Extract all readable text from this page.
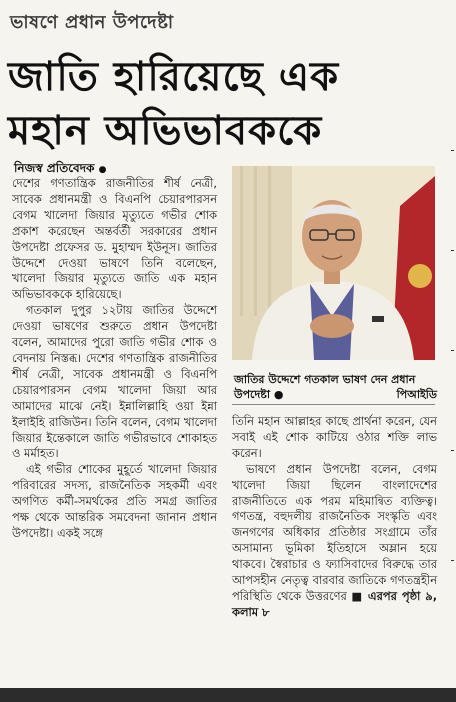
ভাষণে প্রধান উপদেষ্টা
জাতি হারিয়েছে এক
মহান অভিভাবককে
নিজস্ব প্রতিবেদক ●

দেশের গণতান্ত্রিক রাজনীতির শীর্ষ নেত্রী, সাবেক প্রধানমন্ত্রী ও বিএনপি চেয়ারপারসন বেগম খালেদা জিয়ার মৃত্যুতে গভীর শোক প্রকাশ করেছেন অন্তর্বর্তী সরকারের প্রধান উপদেষ্টা প্রফেসর ড. মুহাম্মদ ইউনূস। জাতির উদ্দেশে দেওয়া ভাষণে তিনি বলেছেন, খালেদা জিয়ার মৃত্যুতে জাতি এক মহান অভিভাবককে হারিয়েছে।

গতকাল দুপুর ১২টায় জাতির উদ্দেশে দেওয়া ভাষণের শুরুতে প্রধান উপদেষ্টা বলেন, আমাদের পুরো জাতি গভীর শোক ও বেদনায় নিস্তব্ধ। দেশের গণতান্ত্রিক রাজনীতির শীর্ষ নেত্রী, সাবেক প্রধানমন্ত্রী ও বিএনপি চেয়ারপারসন বেগম খালেদা জিয়া আর আমাদের মাঝে নেই। ইন্নালিল্লাহি ওয়া ইন্না ইলাইহি রাজিউন। তিনি বলেন, বেগম খালেদা জিয়ার ইন্তেকালে জাতি গভীরভাবে শোকাহত ও মর্মাহত।

এই গভীর শোকের মুহূর্তে খালেদা জিয়ার পরিবারের সদস্য, রাজনৈতিক সহকর্মী এবং অগণিত কর্মী-সমর্থকের প্রতি সমগ্র জাতির পক্ষ থেকে আন্তরিক সমবেদনা জানান প্রধান উপদেষ্টা। একই সঙ্গে

জাতির উদ্দেশে গতকাল ভাষণ দেন প্রধান উপদেষ্টা ●	পিআইডি

তিনি মহান আল্লাহর কাছে প্রার্থনা করেন, যেন সবাই এই শোক কাটিয়ে ওঠার শক্তি লাভ করেন।

ভাষণে প্রধান উপদেষ্টা বলেন, বেগম খালেদা জিয়া ছিলেন বাংলাদেশের রাজনীতিতে এক পরম মহিমান্বিত ব্যক্তিত্ব। গণতন্ত্র, বহুদলীয় রাজনৈতিক সংস্কৃতি এবং জনগণের অধিকার প্রতিষ্ঠার সংগ্রামে তাঁর অসামান্য ভূমিকা ইতিহাসে অম্লান হয়ে থাকবে। স্বৈরাচার ও ফ্যাসিবাদের বিরুদ্ধে তার আপসহীন নেতৃত্ব বারবার জাতিকে গণতন্ত্রহীন পরিস্থিতি থেকে উত্তরণের ■ এরপর পৃষ্ঠা ৯, কলাম ৮
